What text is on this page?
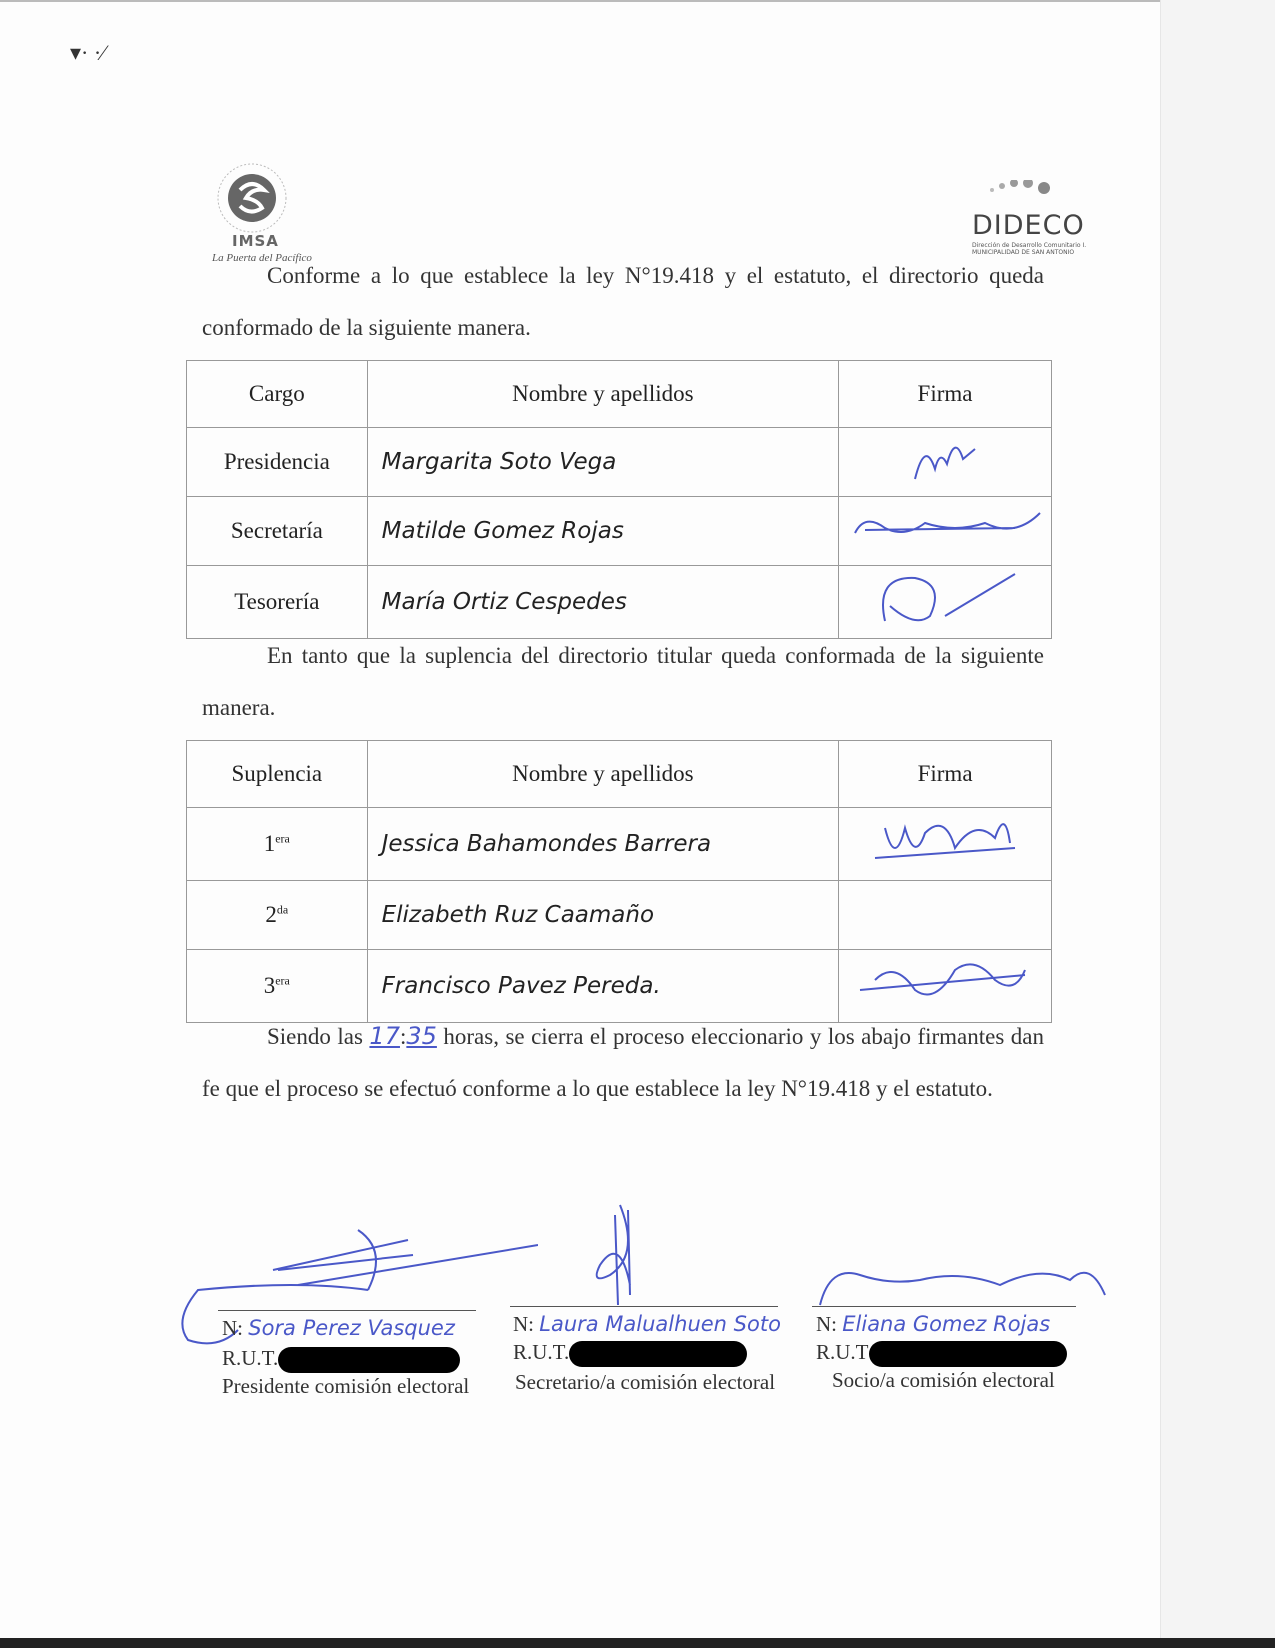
▾· ·⁄
IMSA
La Puerta del Pacífico
DIDECO
Dirección de Desarrollo Comunitario I. MUNICIPALIDAD DE SAN ANTONIO
Conforme a lo que establece la ley N°19.418 y el estatuto, el directorio queda conformado de la siguiente manera.
Cargo	Nombre y apellidos	Firma
Presidencia	Margarita Soto Vega	
Secretaría	Matilde Gomez Rojas	
Tesorería	María Ortiz Cespedes	
En tanto que la suplencia del directorio titular queda conformada de la siguiente manera.
Suplencia	Nombre y apellidos	Firma
$1^{era}$	Jessica Bahamondes Barrera	
$2^{da}$	Elizabeth Ruz Caamaño	
$3^{era}$	Francisco Pavez Pereda.	
Siendo las 17:35 horas, se cierra el proceso eleccionario y los abajo firmantes dan fe que el proceso se efectuó conforme a lo que establece la ley N°19.418 y el estatuto.
N: Sora Perez Vasquez
R.U.T.
Presidente comisión electoral
N: Laura Malualhuen Soto
R.U.T.
Secretario/a comisión electoral
N: Eliana Gomez Rojas
R.U.T
Socio/a comisión electoral
